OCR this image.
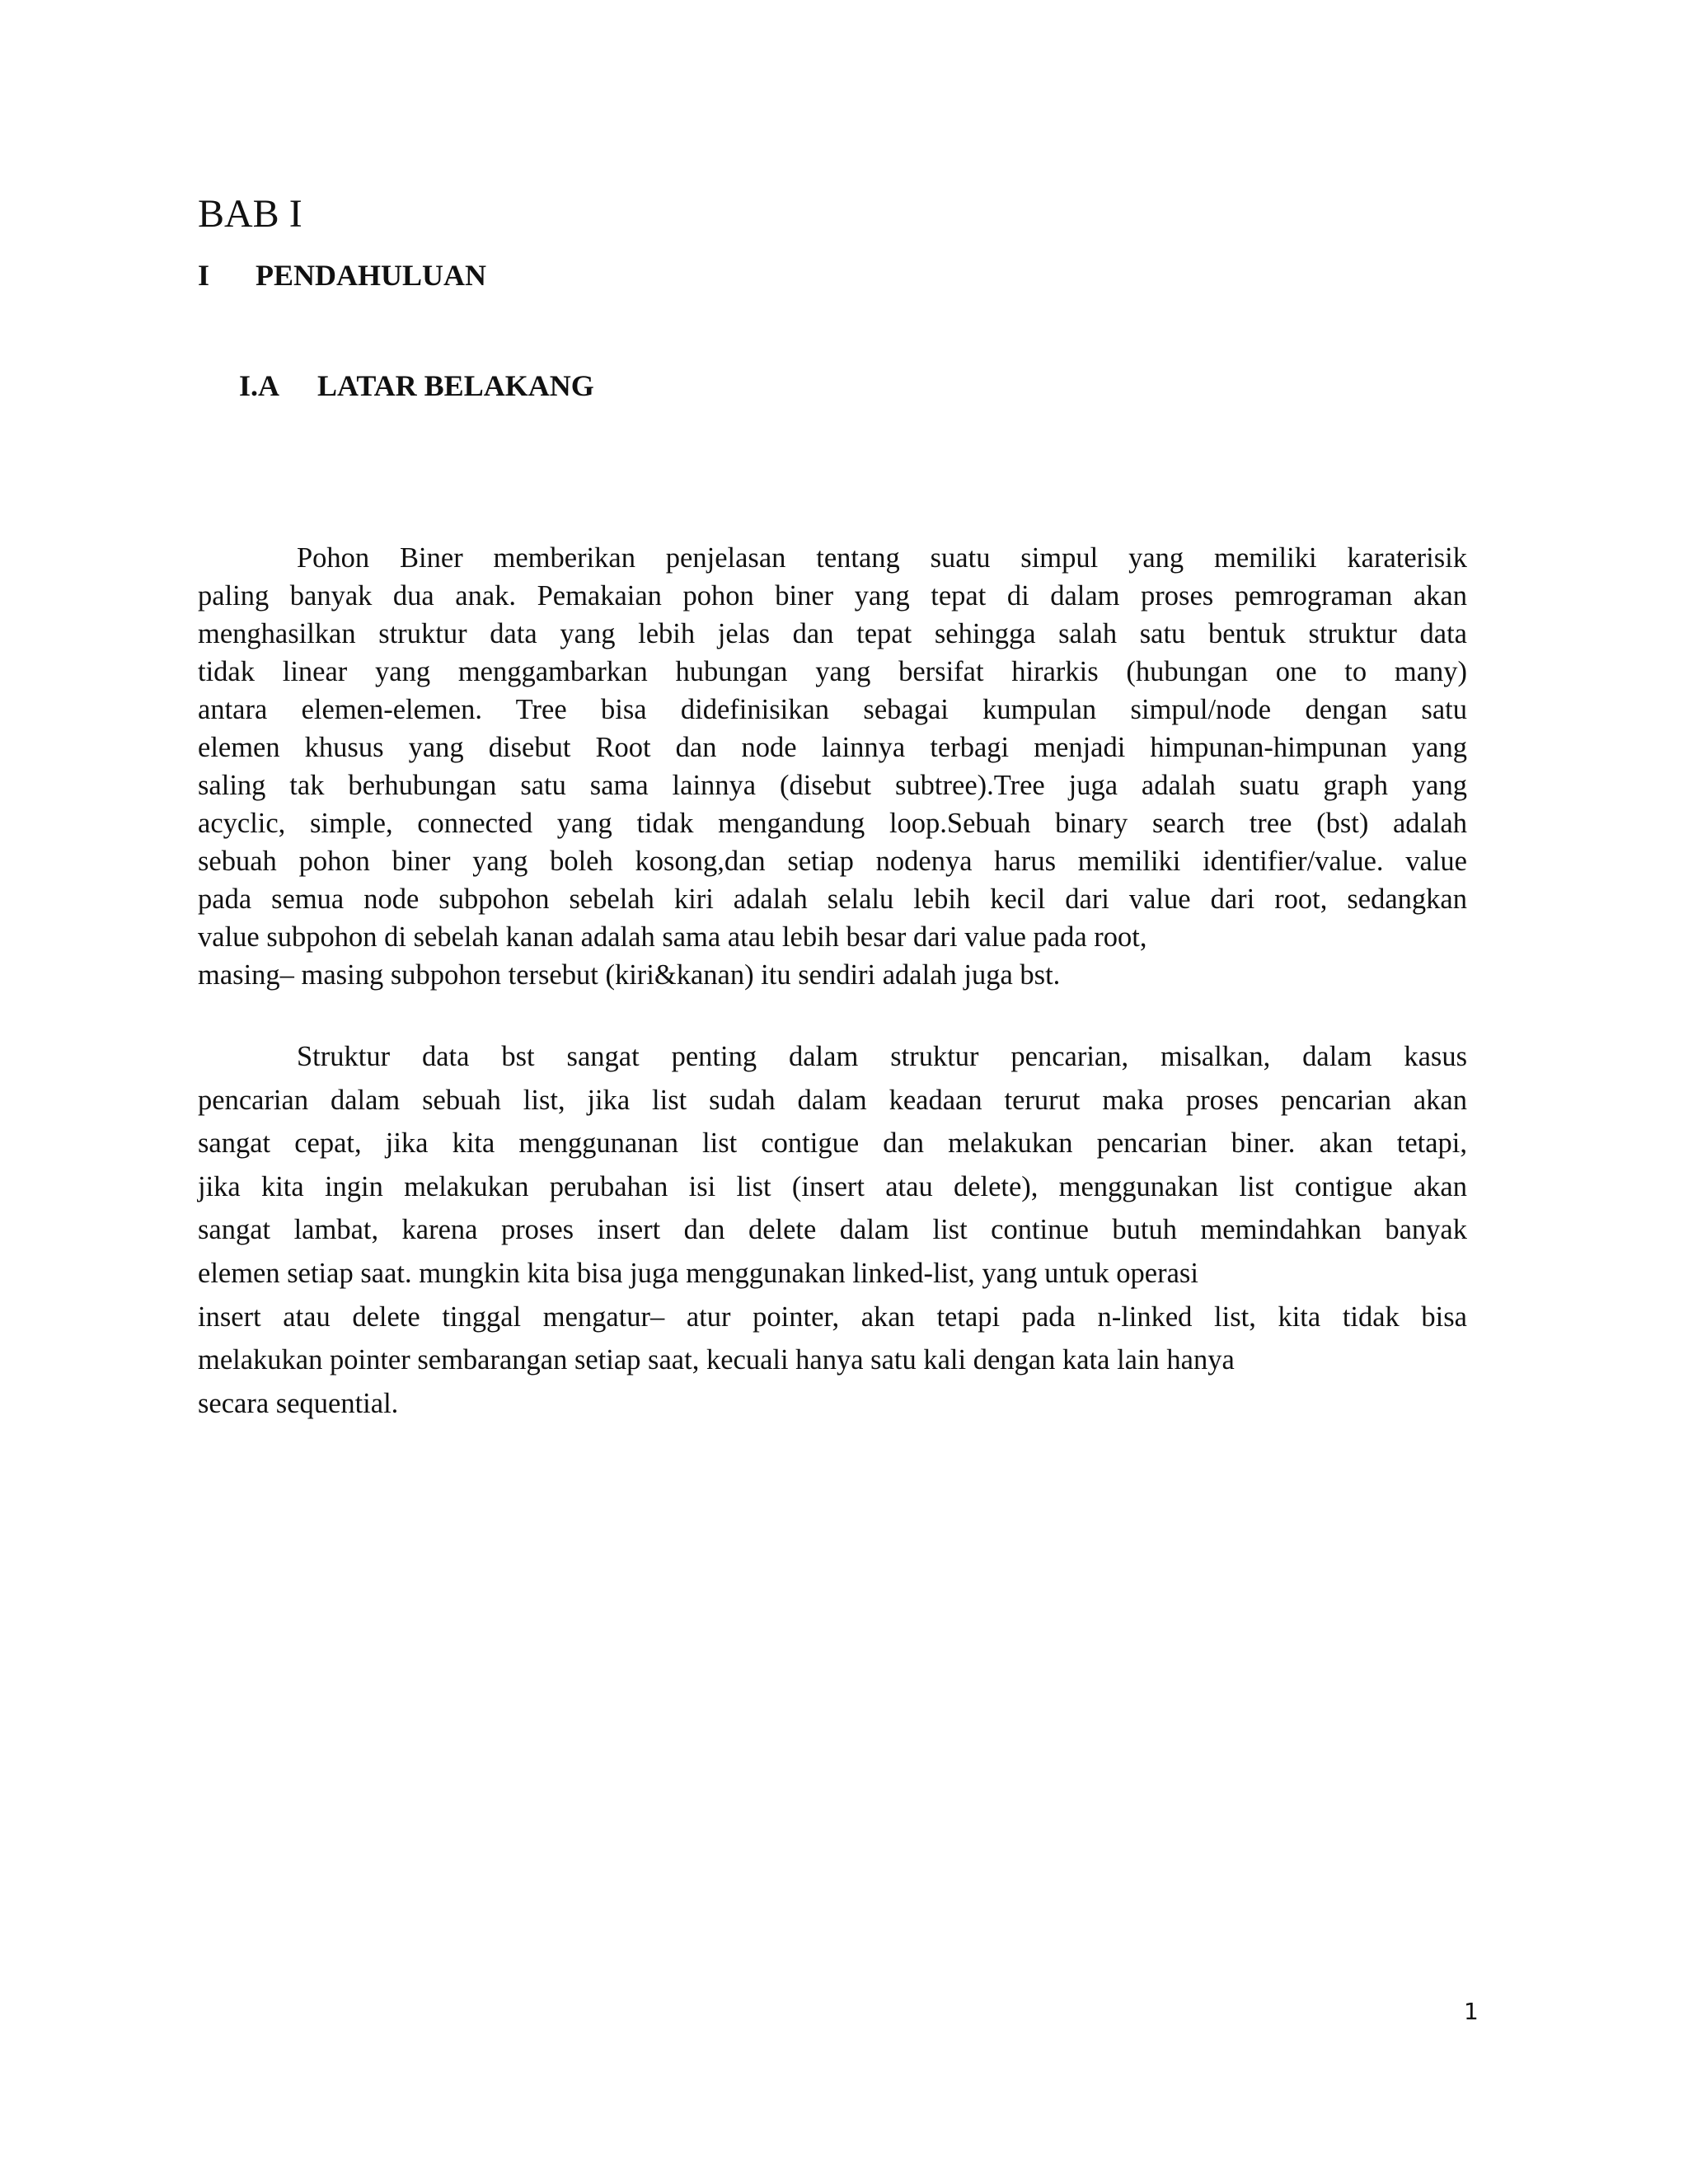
BAB I
I PENDAHULUAN
I.A LATAR BELAKANG
Pohon Biner memberikan penjelasan tentang suatu simpul yang memiliki karaterisik
paling banyak dua anak. Pemakaian pohon biner yang tepat di dalam proses pemrograman akan
menghasilkan struktur data yang lebih jelas dan tepat sehingga salah satu bentuk struktur data
tidak linear yang menggambarkan hubungan yang bersifat hirarkis (hubungan one to many)
antara elemen-elemen. Tree bisa didefinisikan sebagai kumpulan simpul/node dengan satu
elemen khusus yang disebut Root dan node lainnya terbagi menjadi himpunan-himpunan yang
saling tak berhubungan satu sama lainnya (disebut subtree).Tree juga adalah suatu graph yang
acyclic, simple, connected yang tidak mengandung loop.Sebuah binary search tree (bst) adalah
sebuah pohon biner yang boleh kosong,dan setiap nodenya harus memiliki identifier/value. value
pada semua node subpohon sebelah kiri adalah selalu lebih kecil dari value dari root, sedangkan
value subpohon di sebelah kanan adalah sama atau lebih besar dari value pada root,
masing– masing subpohon tersebut (kiri&kanan) itu sendiri adalah juga bst.
Struktur data bst sangat penting dalam struktur pencarian, misalkan, dalam kasus
pencarian dalam sebuah list, jika list sudah dalam keadaan terurut maka proses pencarian akan
sangat cepat, jika kita menggunanan list contigue dan melakukan pencarian biner. akan tetapi,
jika kita ingin melakukan perubahan isi list (insert atau delete), menggunakan list contigue akan
sangat lambat, karena proses insert dan delete dalam list continue butuh memindahkan banyak
elemen setiap saat. mungkin kita bisa juga menggunakan linked-list, yang untuk operasi
insert atau delete tinggal mengatur– atur pointer, akan tetapi pada n-linked list, kita tidak bisa
melakukan pointer sembarangan setiap saat, kecuali hanya satu kali dengan kata lain hanya
secara sequential.
1
